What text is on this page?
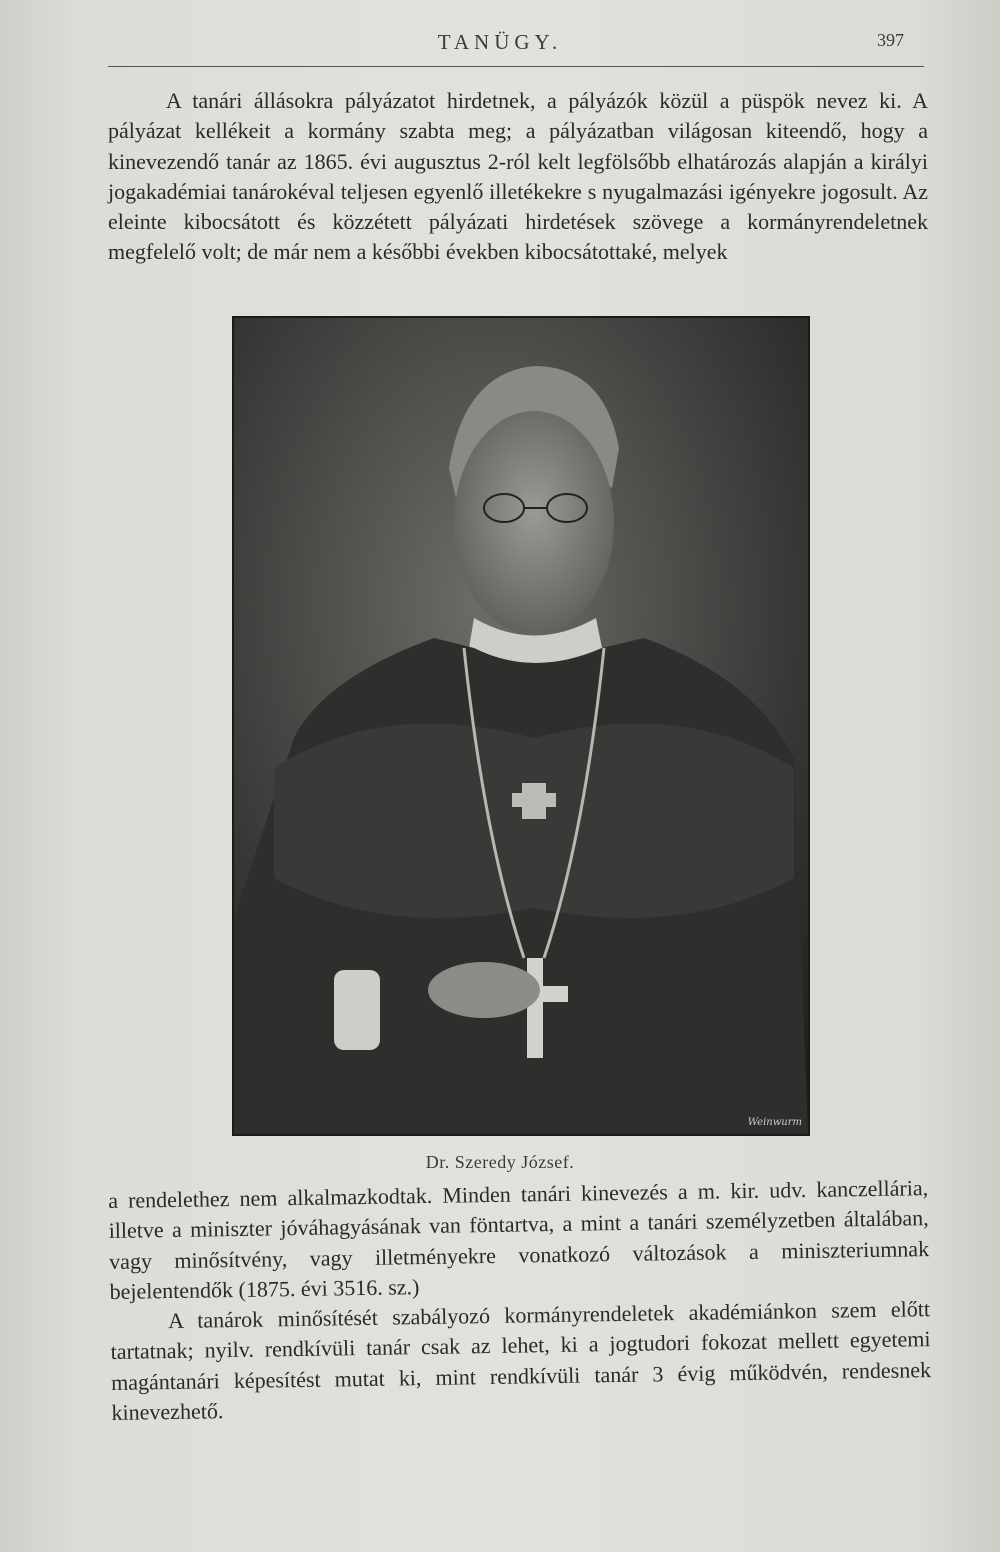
TANÜGY.	397

A tanári állásokra pályázatot hirdetnek, a pályázók közül a püspök nevez ki. A pályázat kellékeit a kormány szabta meg; a pályázatban világosan kiteendő, hogy a kinevezendő tanár az 1865. évi augusztus 2-ról kelt legfölsőbb elhatározás alapján a királyi jogakadémiai tanárokéval teljesen egyenlő illetékekre s nyugalmazási igényekre jogosult. Az eleinte kibocsátott és közzétett pályázati hirdetések szövege a kormányrendeletnek megfelelő volt; de már nem a későbbi években kibocsátottaké, melyek

Weinwurm
Dr. Szeredy József.

a rendelethez nem alkalmazkodtak. Minden tanári kinevezés a m. kir. udv. kanczellária, illetve a miniszter jóváhagyásának van föntartva, a mint a tanári személyzetben általában, vagy minősítvény, vagy illetményekre vonatkozó változások a miniszteriumnak bejelentendők (1875. évi 3516. sz.)

A tanárok minősítését szabályozó kormányrendeletek akadémiánkon szem előtt tartatnak; nyilv. rendkívüli tanár csak az lehet, ki a jogtudori fokozat mellett egyetemi magántanári képesítést mutat ki, mint rendkívüli tanár 3 évig működvén, rendesnek kinevezhető.
